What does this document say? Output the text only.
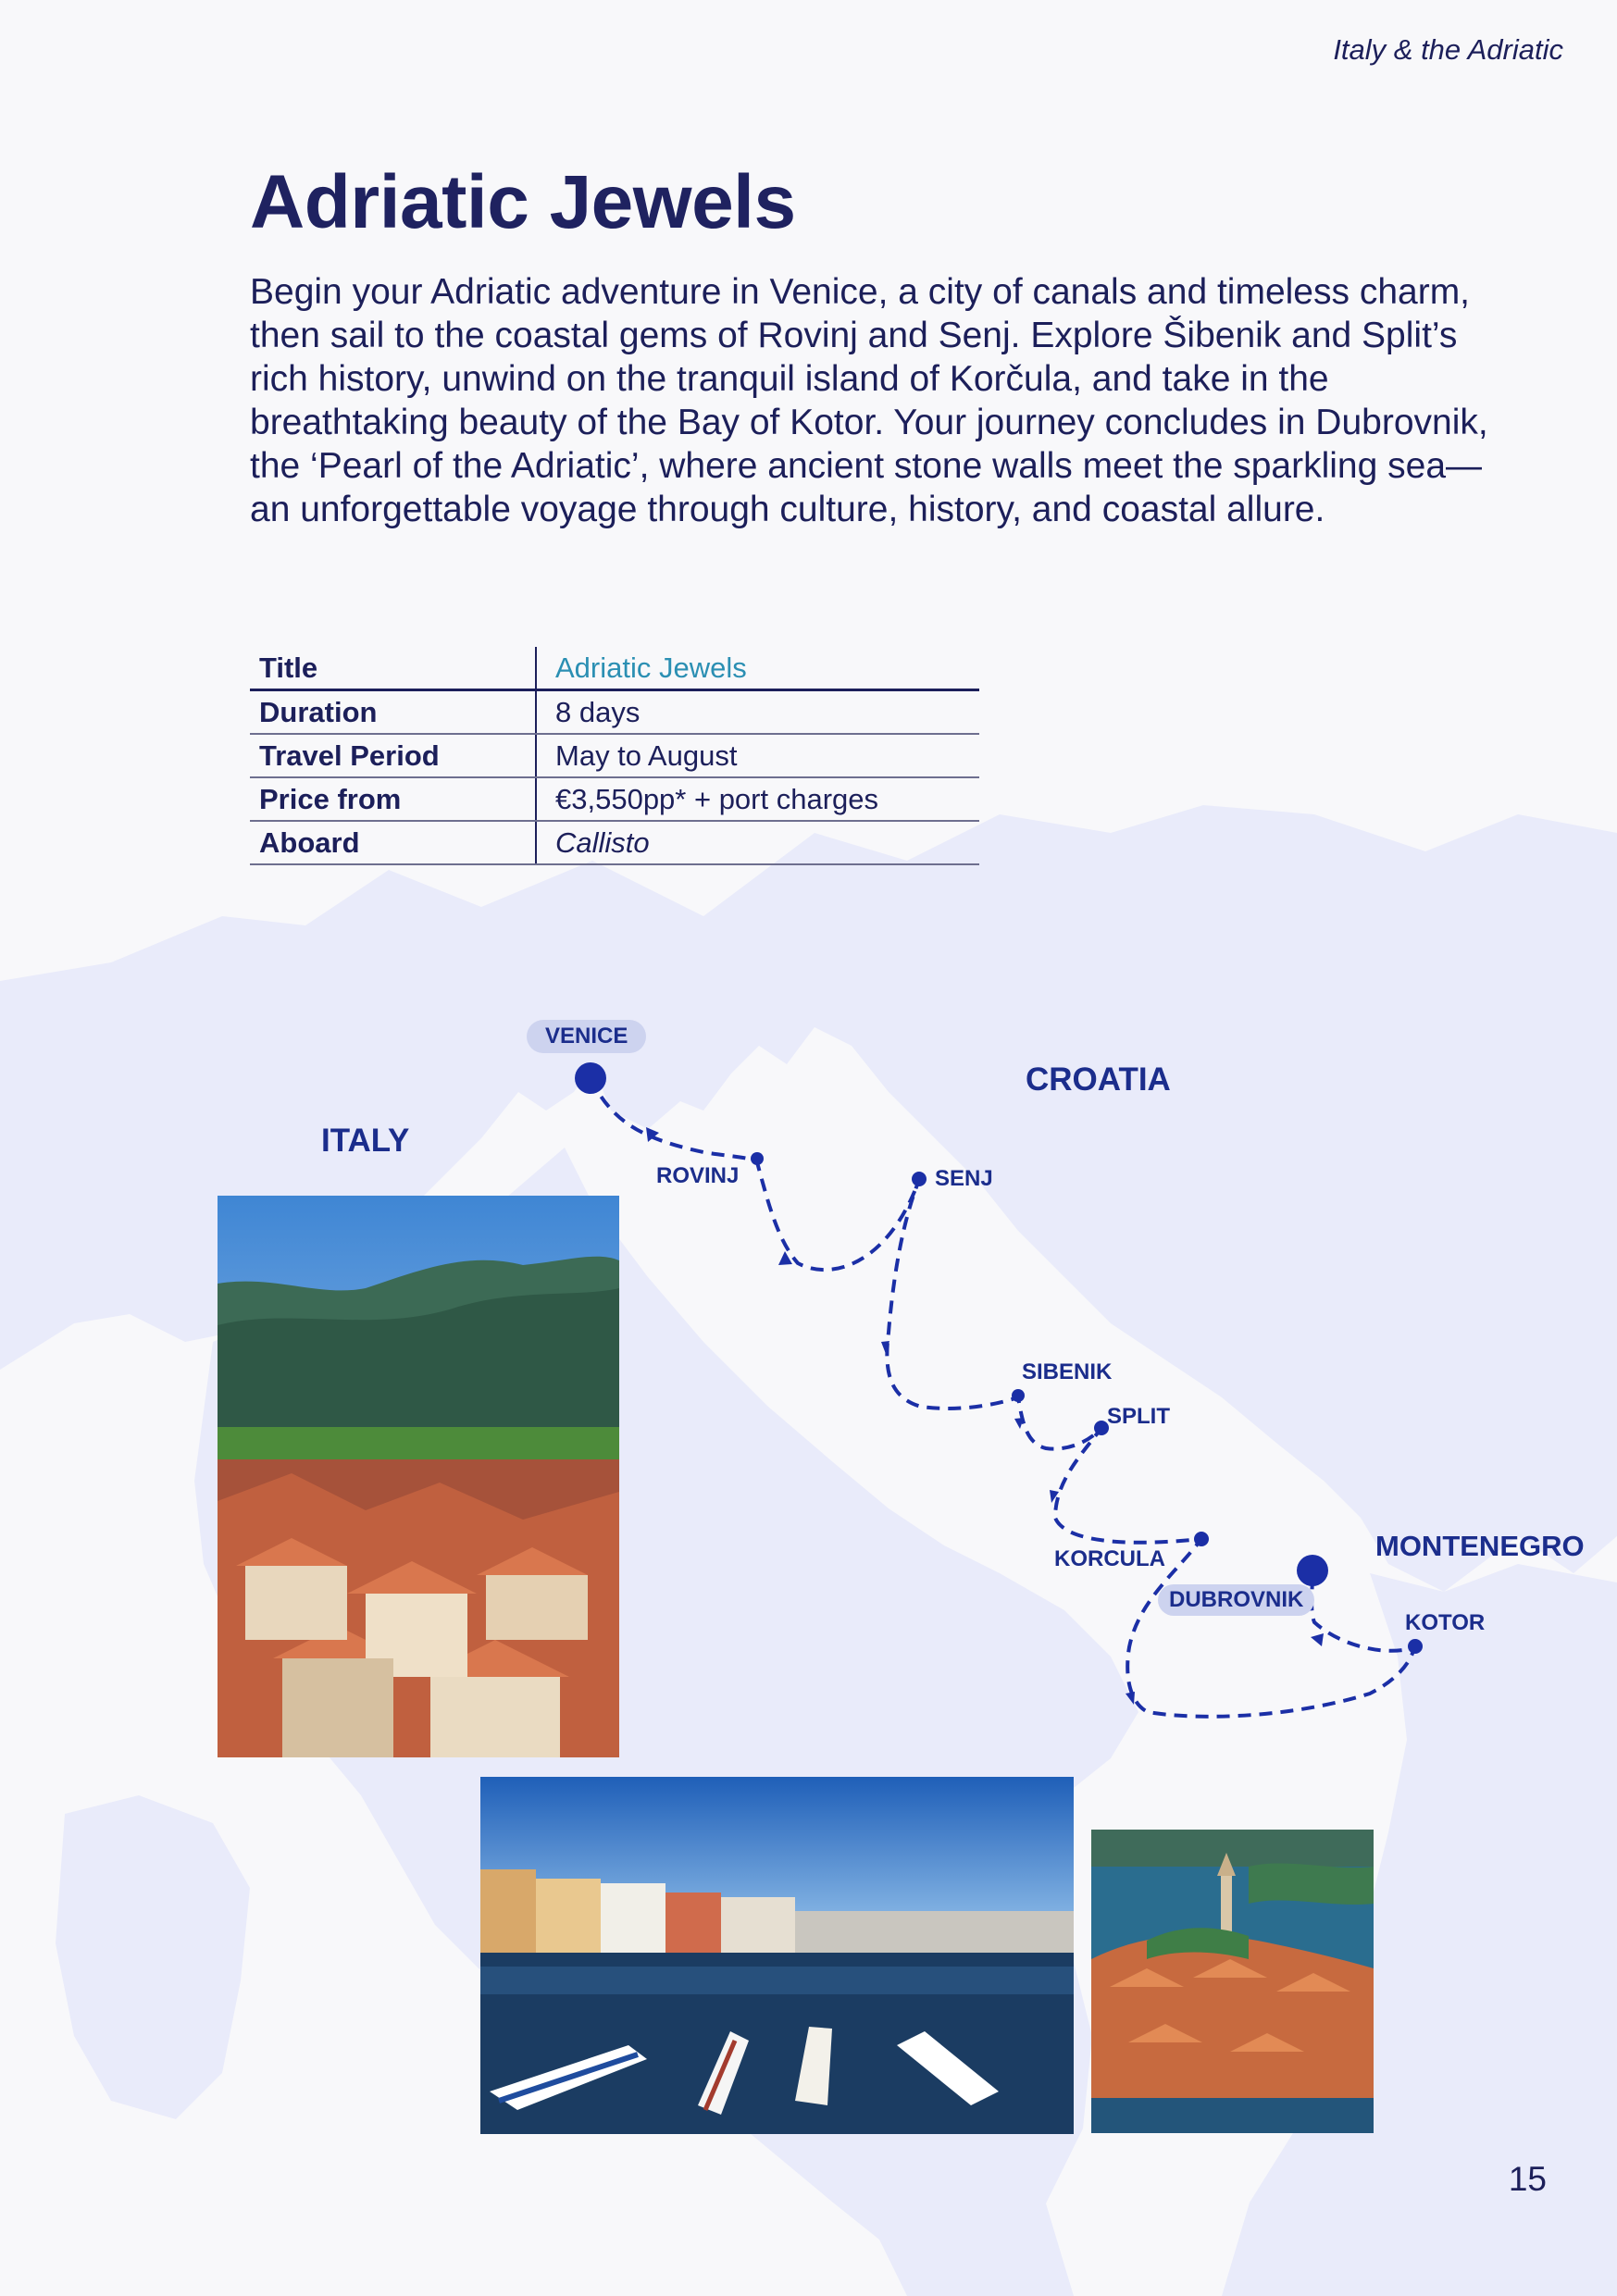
Italy & the Adriatic
Adriatic Jewels

Begin your Adriatic adventure in Venice, a city of canals and timeless charm, then sail to the coastal gems of Rovinj and Senj. Explore Šibenik and Split’s rich history, unwind on the tranquil island of Korčula, and take in the breathtaking beauty of the Bay of Kotor. Your journey concludes in Dubrovnik, the ‘Pearl of the Adriatic’, where ancient stone walls meet the sparkling sea—an unforgettable voyage through culture, history, and coastal allure.

Title	Adriatic Jewels
Duration	8 days
Travel Period	May to August
Price from	€3,550pp* + port charges
Aboard	Callisto
ITALY
CROATIA
MONTENEGRO
VENICE
ROVINJ	SENJ
SIBENIK
SPLIT
KORCULA
DUBROVNIK
KOTOR
15
